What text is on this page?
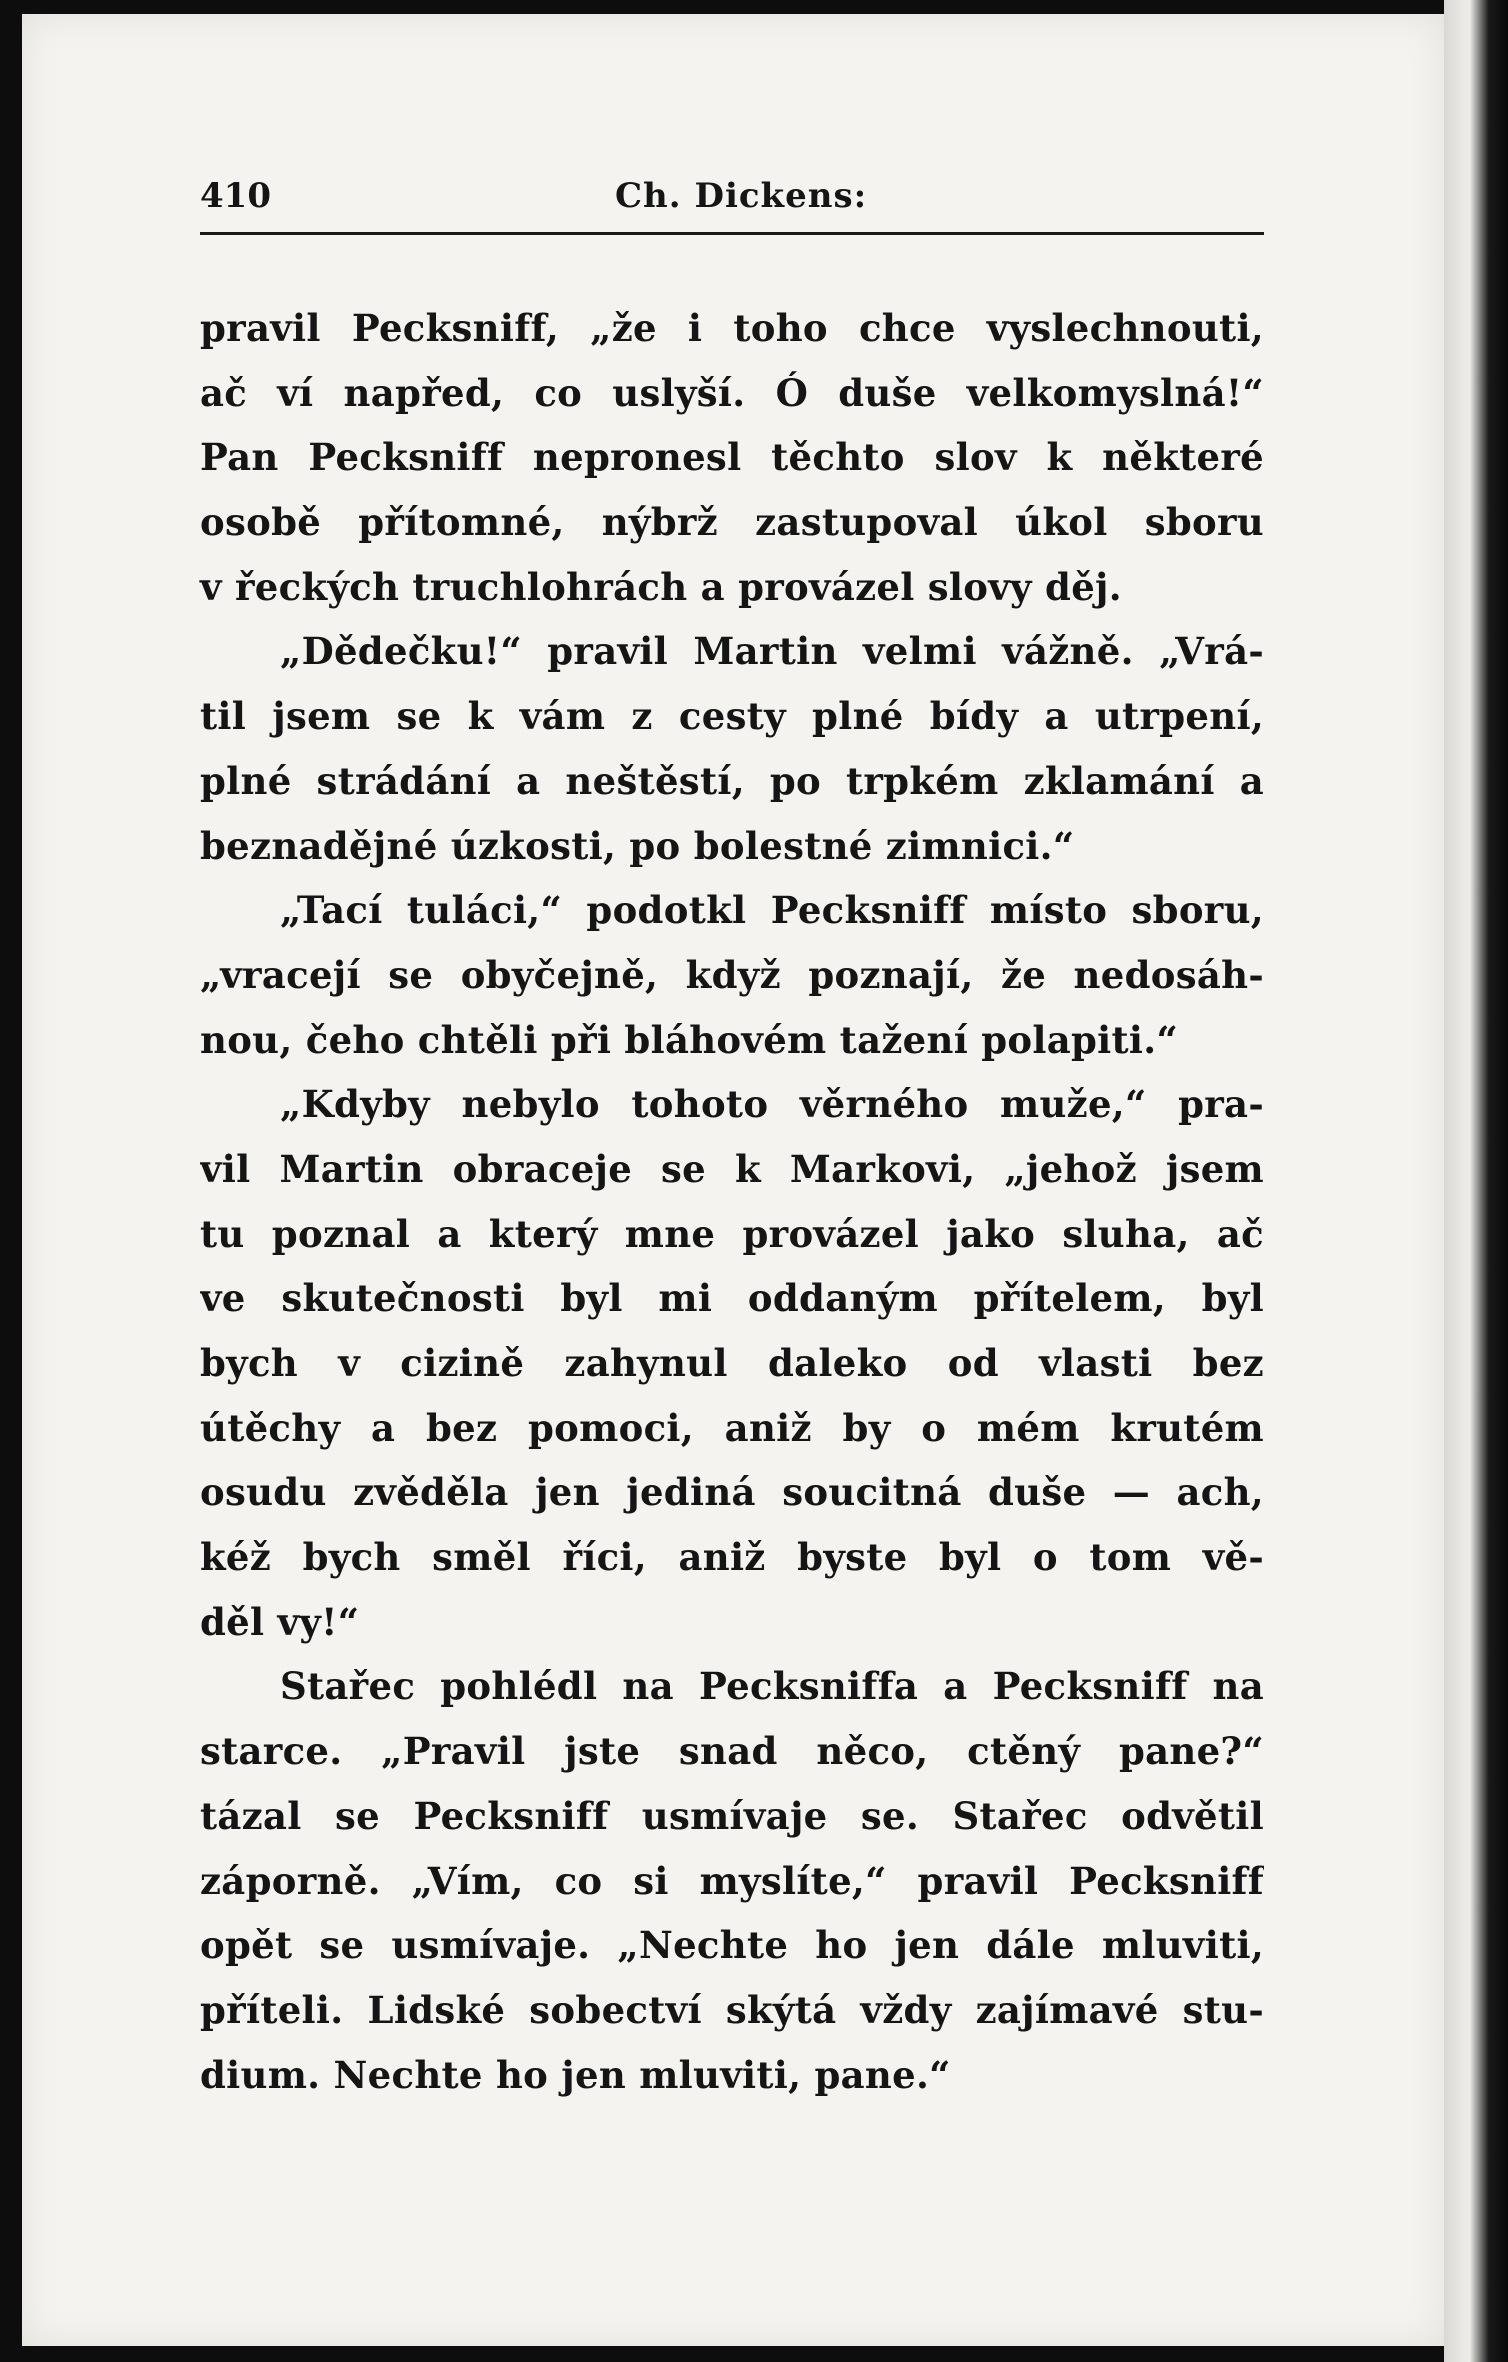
410	Ch. Dickens:
pravil Pecksniff, „že i toho chce vyslechnouti,
ač ví napřed, co uslyší. Ó duše velkomyslná!“
Pan Pecksniff nepronesl těchto slov k některé
osobě přítomné, nýbrž zastupoval úkol sboru
v řeckých truchlohrách a provázel slovy děj.
„Dědečku!“ pravil Martin velmi vážně. „Vrá-
til jsem se k vám z cesty plné bídy a utrpení,
plné strádání a neštěstí, po trpkém zklamání a
beznadějné úzkosti, po bolestné zimnici.“
„Tací tuláci,“ podotkl Pecksniff místo sboru,
„vracejí se obyčejně, když poznají, že nedosáh-
nou, čeho chtěli při bláhovém tažení polapiti.“
„Kdyby nebylo tohoto věrného muže,“ pra-
vil Martin obraceje se k Markovi, „jehož jsem
tu poznal a který mne provázel jako sluha, ač
ve skutečnosti byl mi oddaným přítelem, byl
bych v cizině zahynul daleko od vlasti bez
útěchy a bez pomoci, aniž by o mém krutém
osudu zvěděla jen jediná soucitná duše — ach,
kéž bych směl říci, aniž byste byl o tom vě-
děl vy!“
Stařec pohlédl na Pecksniffa a Pecksniff na
starce. „Pravil jste snad něco, ctěný pane?“
tázal se Pecksniff usmívaje se. Stařec odvětil
záporně. „Vím, co si myslíte,“ pravil Pecksniff
opět se usmívaje. „Nechte ho jen dále mluviti,
příteli. Lidské sobectví skýtá vždy zajímavé stu-
dium. Nechte ho jen mluviti, pane.“
